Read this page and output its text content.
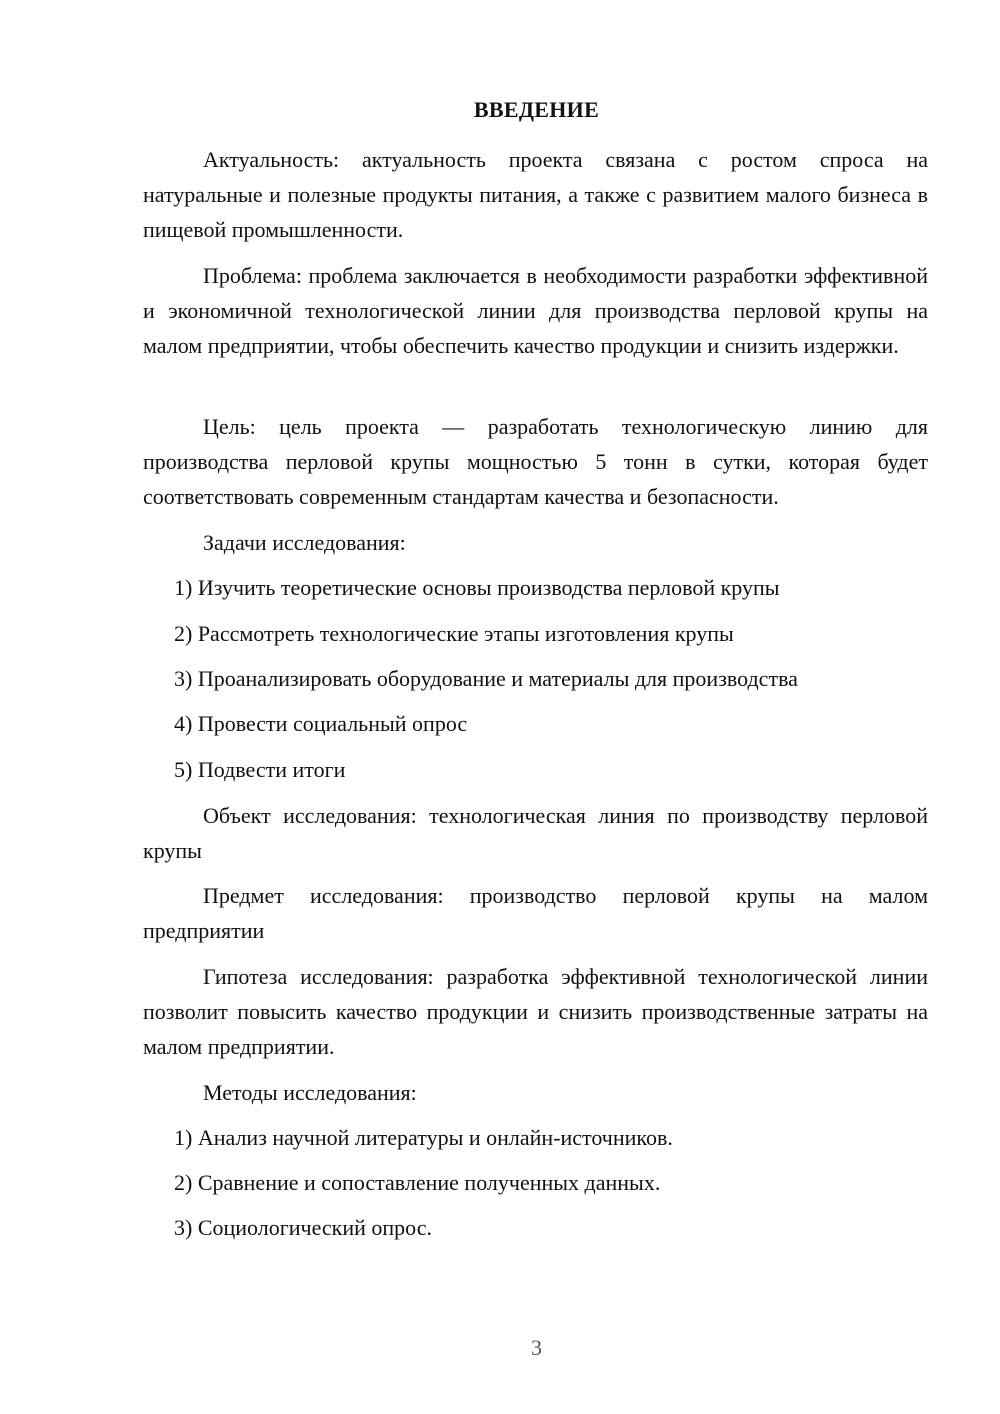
ВВЕДЕНИЕ

Актуальность: актуальность проекта связана с ростом спроса на натуральные и полезные продукты питания, а также с развитием малого бизнеса в пищевой промышленности.

Проблема: проблема заключается в необходимости разработки эффективной и экономичной технологической линии для производства перловой крупы на малом предприятии, чтобы обеспечить качество продукции и снизить издержки.

Цель: цель проекта — разработать технологическую линию для производства перловой крупы мощностью 5 тонн в сутки, которая будет соответствовать современным стандартам качества и безопасности.

Задачи исследования:

1) Изучить теоретические основы производства перловой крупы

2) Рассмотреть технологические этапы изготовления крупы

3) Проанализировать оборудование и материалы для производства

4) Провести социальный опрос

5) Подвести итоги

Объект исследования: технологическая линия по производству перловой крупы

Предмет исследования: производство перловой крупы на малом предприятии

Гипотеза исследования: разработка эффективной технологической линии позволит повысить качество продукции и снизить производственные затраты на малом предприятии.

Методы исследования:

1) Анализ научной литературы и онлайн-источников.

2) Сравнение и сопоставление полученных данных.

3) Социологический опрос.

3
